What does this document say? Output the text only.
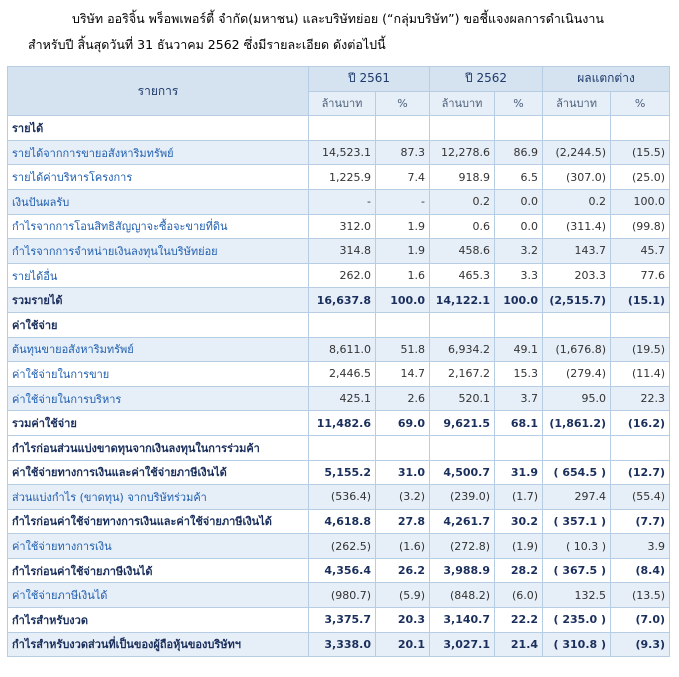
บริษัท ออริจิ้น พร็อพเพอร์ตี้ จำกัด(มหาชน) และบริษัทย่อย (“กลุ่มบริษัท”) ขอชี้แจงผลการดำเนินงาน

สำหรับปี สิ้นสุดวันที่ 31 ธันวาคม 2562 ซึ่งมีรายละเอียด ดังต่อไปนี้

รายการ	ปี 2561		ปี 2562		ผลแตกต่าง	
	ล้านบาท	%	ล้านบาท	%	ล้านบาท	%
รายได้						
รายได้จากการขายอสังหาริมทรัพย์	14,523.1	87.3	12,278.6	86.9	(2,244.5)	(15.5)
รายได้ค่าบริหารโครงการ	1,225.9	7.4	918.9	6.5	(307.0)	(25.0)
เงินปันผลรับ	-	-	0.2	0.0	0.2	100.0
กำไรจากการโอนสิทธิสัญญาจะซื้อจะขายที่ดิน	312.0	1.9	0.6	0.0	(311.4)	(99.8)
กำไรจากการจำหน่ายเงินลงทุนในบริษัทย่อย	314.8	1.9	458.6	3.2	143.7	45.7
รายได้อื่น	262.0	1.6	465.3	3.3	203.3	77.6
รวมรายได้	16,637.8	100.0	14,122.1	100.0	(2,515.7)	(15.1)
ค่าใช้จ่าย						
ต้นทุนขายอสังหาริมทรัพย์	8,611.0	51.8	6,934.2	49.1	(1,676.8)	(19.5)
ค่าใช้จ่ายในการขาย	2,446.5	14.7	2,167.2	15.3	(279.4)	(11.4)
ค่าใช้จ่ายในการบริหาร	425.1	2.6	520.1	3.7	95.0	22.3
รวมค่าใช้จ่าย	11,482.6	69.0	9,621.5	68.1	(1,861.2)	(16.2)
กำไรก่อนส่วนแบ่งขาดทุนจากเงินลงทุนในการร่วมค้า						
ค่าใช้จ่ายทางการเงินและค่าใช้จ่ายภาษีเงินได้	5,155.2	31.0	4,500.7	31.9	( 654.5 )	(12.7)
ส่วนแบ่งกำไร (ขาดทุน) จากบริษัทร่วมค้า	(536.4)	(3.2)	(239.0)	(1.7)	297.4	(55.4)
กำไรก่อนค่าใช้จ่ายทางการเงินและค่าใช้จ่ายภาษีเงินได้	4,618.8	27.8	4,261.7	30.2	( 357.1 )	(7.7)
ค่าใช้จ่ายทางการเงิน	(262.5)	(1.6)	(272.8)	(1.9)	( 10.3 )	3.9
กำไรก่อนค่าใช้จ่ายภาษีเงินได้	4,356.4	26.2	3,988.9	28.2	( 367.5 )	(8.4)
ค่าใช้จ่ายภาษีเงินได้	(980.7)	(5.9)	(848.2)	(6.0)	132.5	(13.5)
กำไรสำหรับงวด	3,375.7	20.3	3,140.7	22.2	( 235.0 )	(7.0)
กำไรสำหรับงวดส่วนที่เป็นของผู้ถือหุ้นของบริษัทฯ	3,338.0	20.1	3,027.1	21.4	( 310.8 )	(9.3)
